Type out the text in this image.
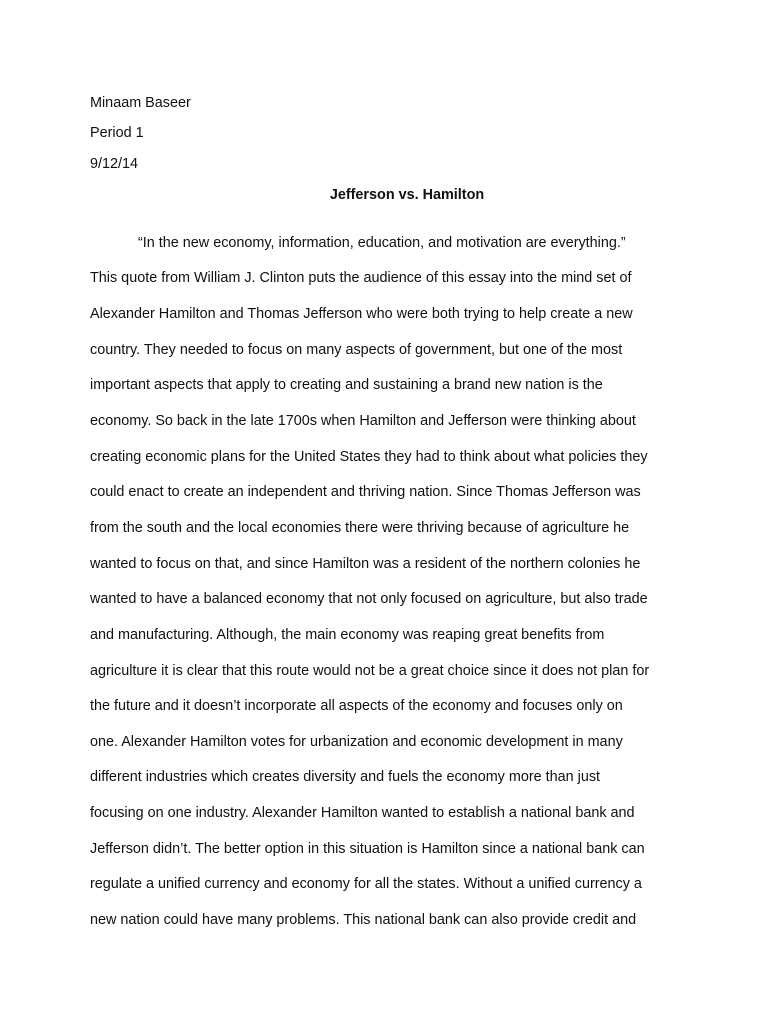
Minaam Baseer
Period 1
9/12/14
Jefferson vs. Hamilton
“In the new economy, information, education, and motivation are everything.”
This quote from William J. Clinton puts the audience of this essay into the mind set of
Alexander Hamilton and Thomas Jefferson who were both trying to help create a new
country. They needed to focus on many aspects of government, but one of the most
important aspects that apply to creating and sustaining a brand new nation is the
economy. So back in the late 1700s when Hamilton and Jefferson were thinking about
creating economic plans for the United States they had to think about what policies they
could enact to create an independent and thriving nation. Since Thomas Jefferson was
from the south and the local economies there were thriving because of agriculture he
wanted to focus on that, and since Hamilton was a resident of the northern colonies he
wanted to have a balanced economy that not only focused on agriculture, but also trade
and manufacturing. Although, the main economy was reaping great benefits from
agriculture it is clear that this route would not be a great choice since it does not plan for
the future and it doesn’t incorporate all aspects of the economy and focuses only on
one. Alexander Hamilton votes for urbanization and economic development in many
different industries which creates diversity and fuels the economy more than just
focusing on one industry. Alexander Hamilton wanted to establish a national bank and
Jefferson didn’t. The better option in this situation is Hamilton since a national bank can
regulate a unified currency and economy for all the states. Without a unified currency a
new nation could have many problems. This national bank can also provide credit and
